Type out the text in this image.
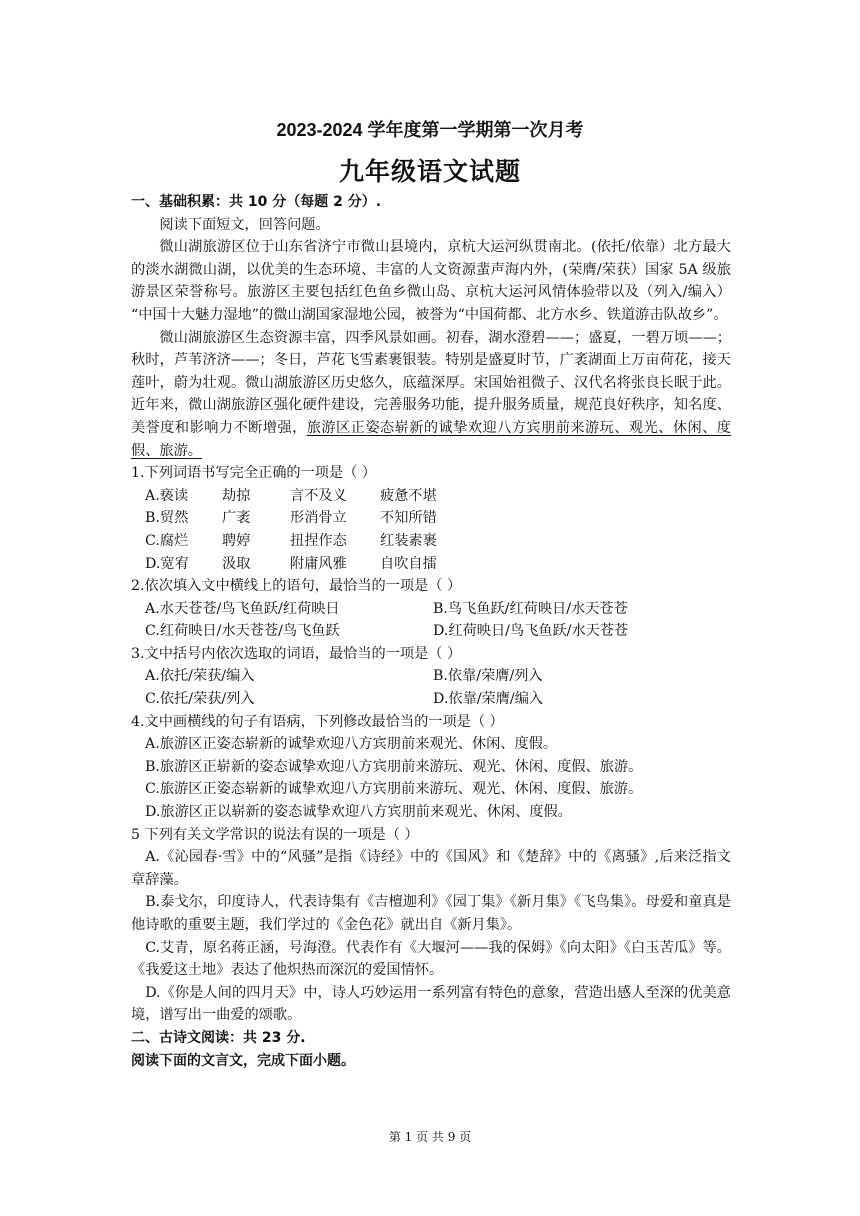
2023-2024 学年度第一学期第一次月考
九年级语文试题

一、基础积累：共 10 分（每题 2 分）.

阅读下面短文，回答问题。

微山湖旅游区位于山东省济宁市微山县境内，京杭大运河纵贯南北。(依托/依靠）北方最大的淡水湖微山湖，以优美的生态环境、丰富的人文资源蜚声海内外，(荣膺/荣获）国家 5A 级旅游景区荣誉称号。旅游区主要包括红色鱼乡微山岛、京杭大运河风情体验带以及（列入/编入） “中国十大魅力湿地”的微山湖国家湿地公园，被誉为“中国荷都、北方水乡、铁道游击队故乡”。

微山湖旅游区生态资源丰富，四季风景如画。初春，湖水澄碧——；盛夏，一碧万顷——；秋时，芦苇济济——；冬日，芦花飞雪素裹银装。特别是盛夏时节，广袤湖面上万亩荷花，接天莲叶，蔚为壮观。微山湖旅游区历史悠久，底蕴深厚。宋国始祖微子、汉代名将张良长眠于此。近年来，微山湖旅游区强化硬件建设，完善服务功能，提升服务质量，规范良好秩序，知名度、美誉度和影响力不断增强，旅游区正姿态崭新的诚挚欢迎八方宾朋前来游玩、观光、休闲、度假、旅游。

1.下列词语书写完全正确的一项是（ ）

A.亵读	劫掠	言不及义	疲惫不堪
B.贸然	广袤	形消骨立	不知所错
C.腐烂	聘婷	扭捏作态	红装素裹
D.宽宥	汲取	附庸风雅	自吹自擂

2.依次填入文中横线上的语句，最恰当的一项是（ ）

A.水天苍苍/鸟飞鱼跃/红荷映日	B.鸟飞鱼跃/红荷映日/水天苍苍
C.红荷映日/水天苍苍/鸟飞鱼跃	D.红荷映日/鸟飞鱼跃/水天苍苍

3.文中括号内依次选取的词语，最恰当的一项是（ ）

A.依托/荣获/编入	B.依靠/荣膺/列入
C.依托/荣获/列入	D.依靠/荣膺/编入

4.文中画横线的句子有语病，下列修改最恰当的一项是（ ）

A.旅游区正姿态崭新的诚挚欢迎八方宾朋前来观光、休闲、度假。

B.旅游区正崭新的姿态诚挚欢迎八方宾朋前来游玩、观光、休闲、度假、旅游。

C.旅游区正姿态崭新的诚挚欢迎八方宾朋前来游玩、观光、休闲、度假、旅游。

D.旅游区正以崭新的姿态诚挚欢迎八方宾朋前来观光、休闲、度假。

5 下列有关文学常识的说法有误的一项是（ ）

A.《沁园春·雪》中的“风骚”是指《诗经》中的《国风》和《楚辞》中的《离骚》,后来泛指文章辞藻。

B.泰戈尔，印度诗人，代表诗集有《吉檀迦利》《园丁集》《新月集》《飞鸟集》。母爱和童真是他诗歌的重要主题，我们学过的《金色花》就出自《新月集》。

C.艾青，原名蒋正涵，号海澄。代表作有《大堰河——我的保姆》《向太阳》《白玉苦瓜》等。《我爱这土地》表达了他炽热而深沉的爱国情怀。

D.《你是人间的四月天》中，诗人巧妙运用一系列富有特色的意象，营造出感人至深的优美意境，谱写出一曲爱的颂歌。

二、古诗文阅读：共 23 分.

阅读下面的文言文，完成下面小题。

第 1 页 共 9 页
